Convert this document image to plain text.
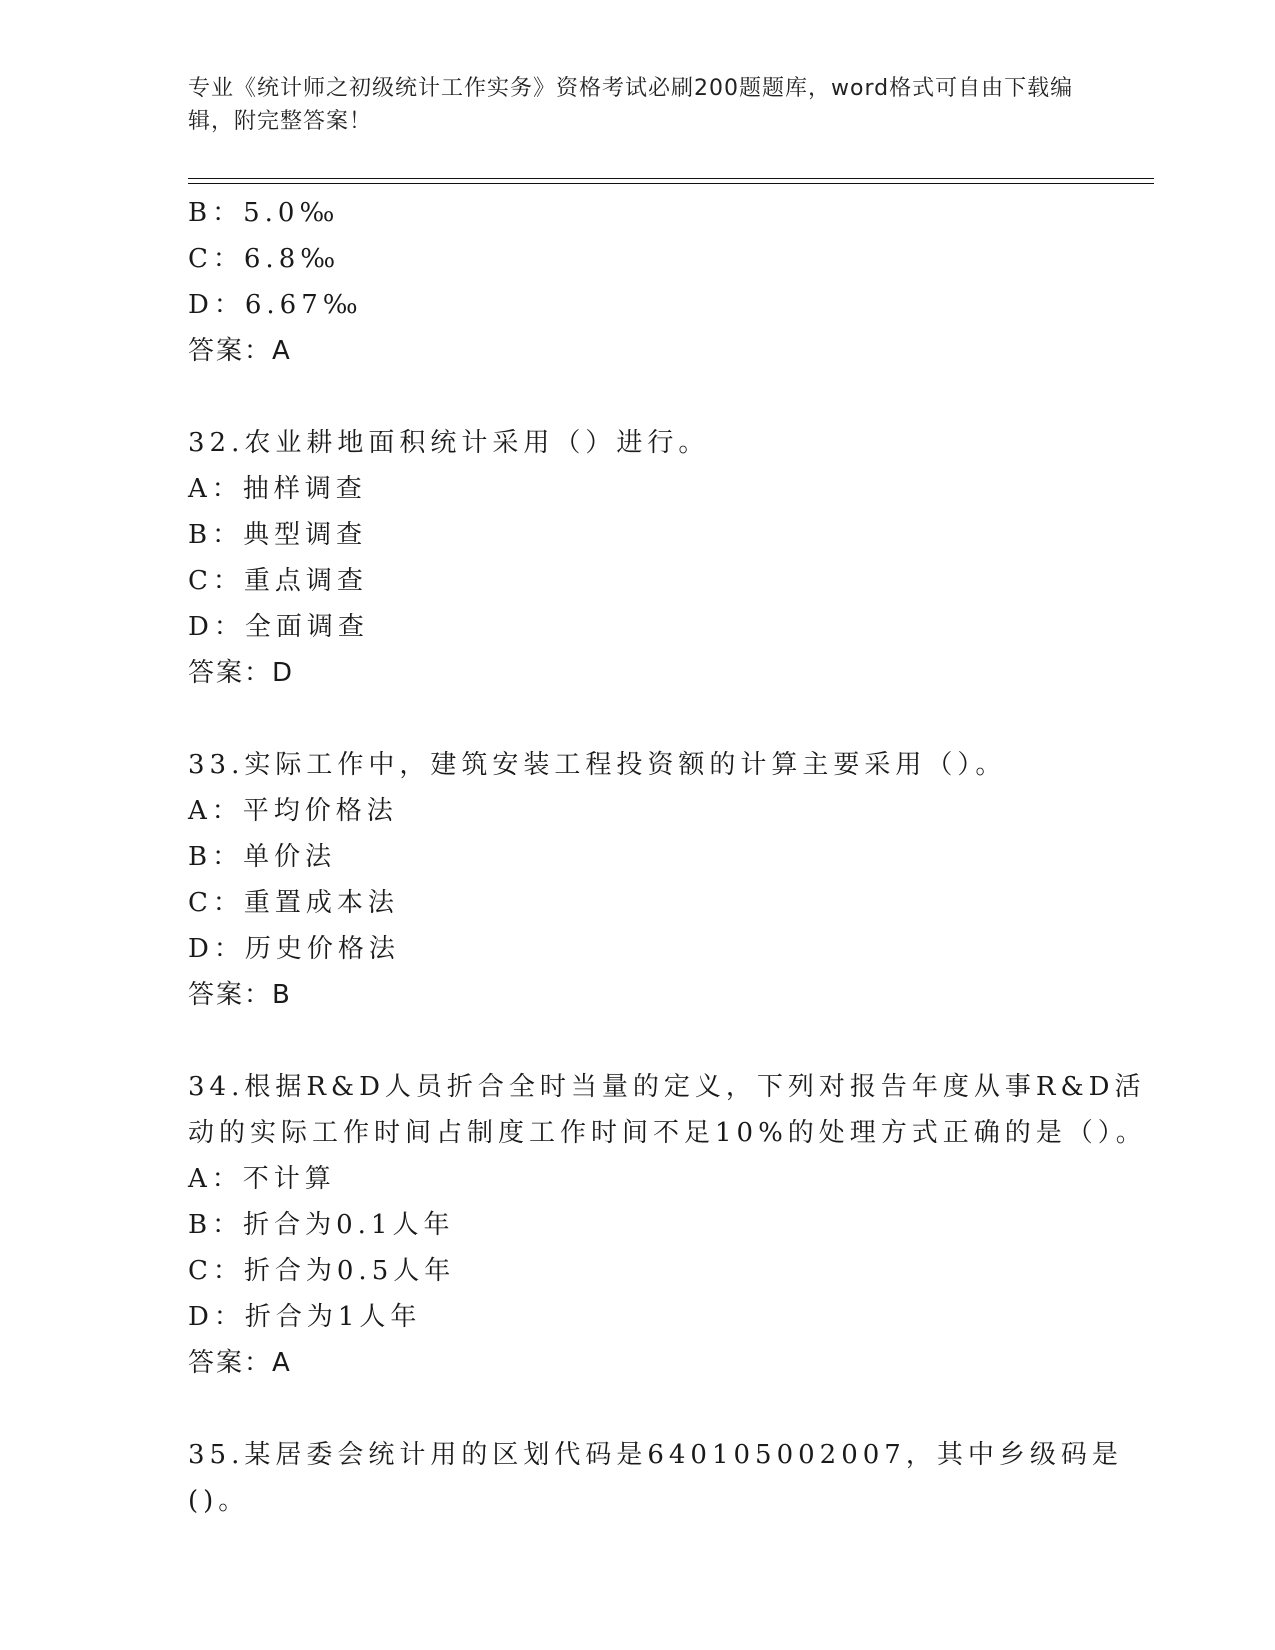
专业《统计师之初级统计工作实务》资格考试必刷200题题库，word格式可自由下载编辑，附完整答案！
B：5.0‰
C：6.8‰
D：6.67‰
答案：A
32.农业耕地面积统计采用（）进行。
A：抽样调查
B：典型调查
C：重点调查
D：全面调查
答案：D
33.实际工作中，建筑安装工程投资额的计算主要采用（）。
A：平均价格法
B：单价法
C：重置成本法
D：历史价格法
答案：B
34.根据R&D人员折合全时当量的定义，下列对报告年度从事R&D活动的实际工作时间占制度工作时间不足10%的处理方式正确的是（）。
A：不计算
B：折合为0.1人年
C：折合为0.5人年
D：折合为1人年
答案：A
35.某居委会统计用的区划代码是640105002007，其中乡级码是()。
